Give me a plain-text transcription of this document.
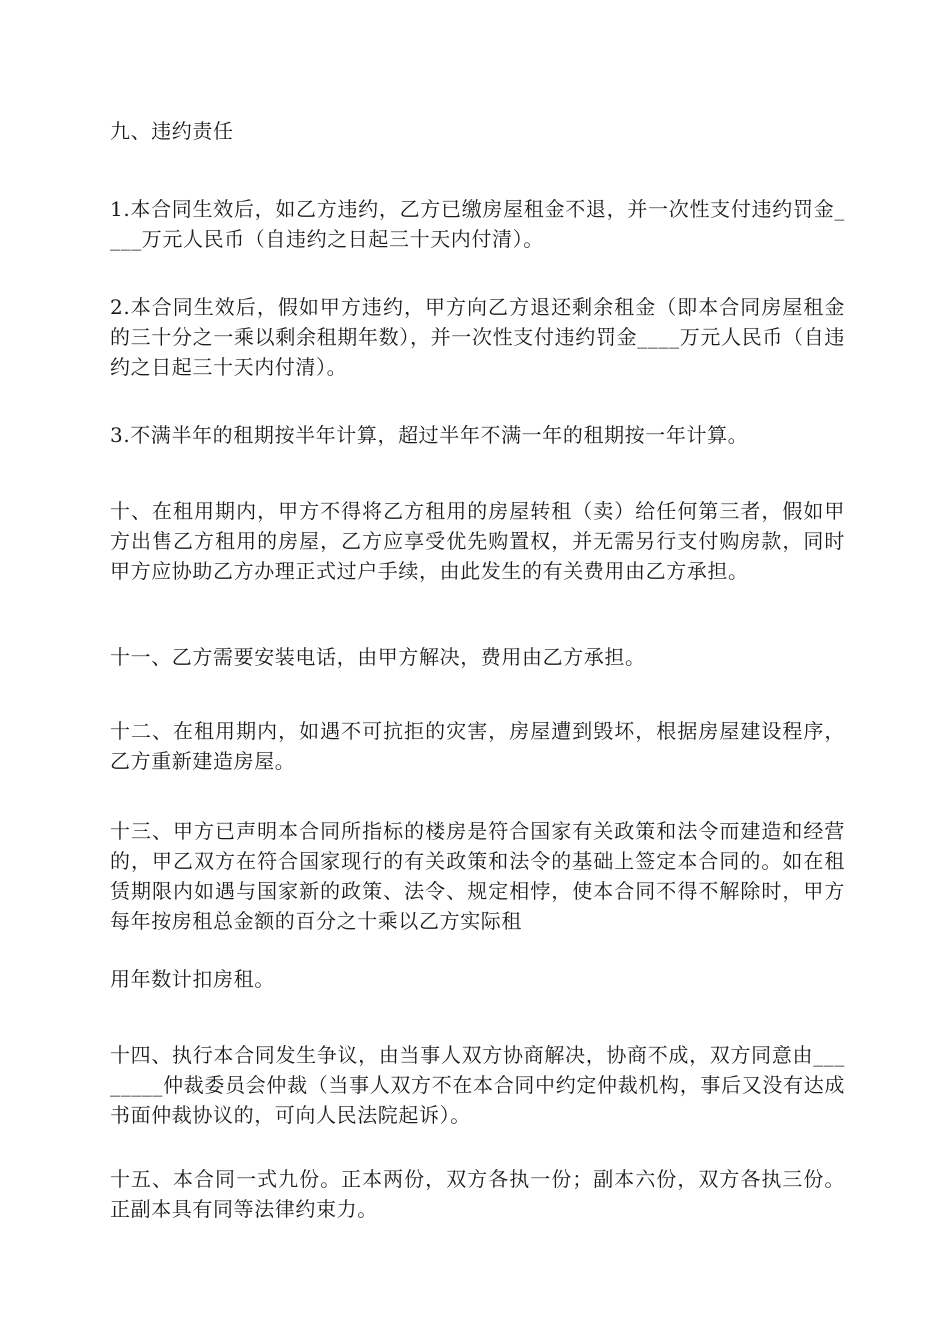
九、违约责任

1.本合同生效后，如乙方违约，乙方已缴房屋租金不退，并一次性支付违约罚金____万元人民币（自违约之日起三十天内付清）。

2.本合同生效后，假如甲方违约，甲方向乙方退还剩余租金（即本合同房屋租金的三十分之一乘以剩余租期年数），并一次性支付违约罚金____万元人民币（自违约之日起三十天内付清）。

3.不满半年的租期按半年计算，超过半年不满一年的租期按一年计算。

十、在租用期内，甲方不得将乙方租用的房屋转租（卖）给任何第三者，假如甲方出售乙方租用的房屋，乙方应享受优先购置权，并无需另行支付购房款，同时甲方应协助乙方办理正式过户手续，由此发生的有关费用由乙方承担。

十一、乙方需要安装电话，由甲方解决，费用由乙方承担。

十二、在租用期内，如遇不可抗拒的灾害，房屋遭到毁坏，根据房屋建设程序，乙方重新建造房屋。

十三、甲方已声明本合同所指标的楼房是符合国家有关政策和法令而建造和经营的，甲乙双方在符合国家现行的有关政策和法令的基础上签定本合同的。如在租赁期限内如遇与国家新的政策、法令、规定相悖，使本合同不得不解除时，甲方每年按房租总金额的百分之十乘以乙方实际租

用年数计扣房租。

十四、执行本合同发生争议，由当事人双方协商解决，协商不成，双方同意由________仲裁委员会仲裁（当事人双方不在本合同中约定仲裁机构，事后又没有达成书面仲裁协议的，可向人民法院起诉）。

十五、本合同一式九份。正本两份，双方各执一份；副本六份，双方各执三份。正副本具有同等法律约束力。
